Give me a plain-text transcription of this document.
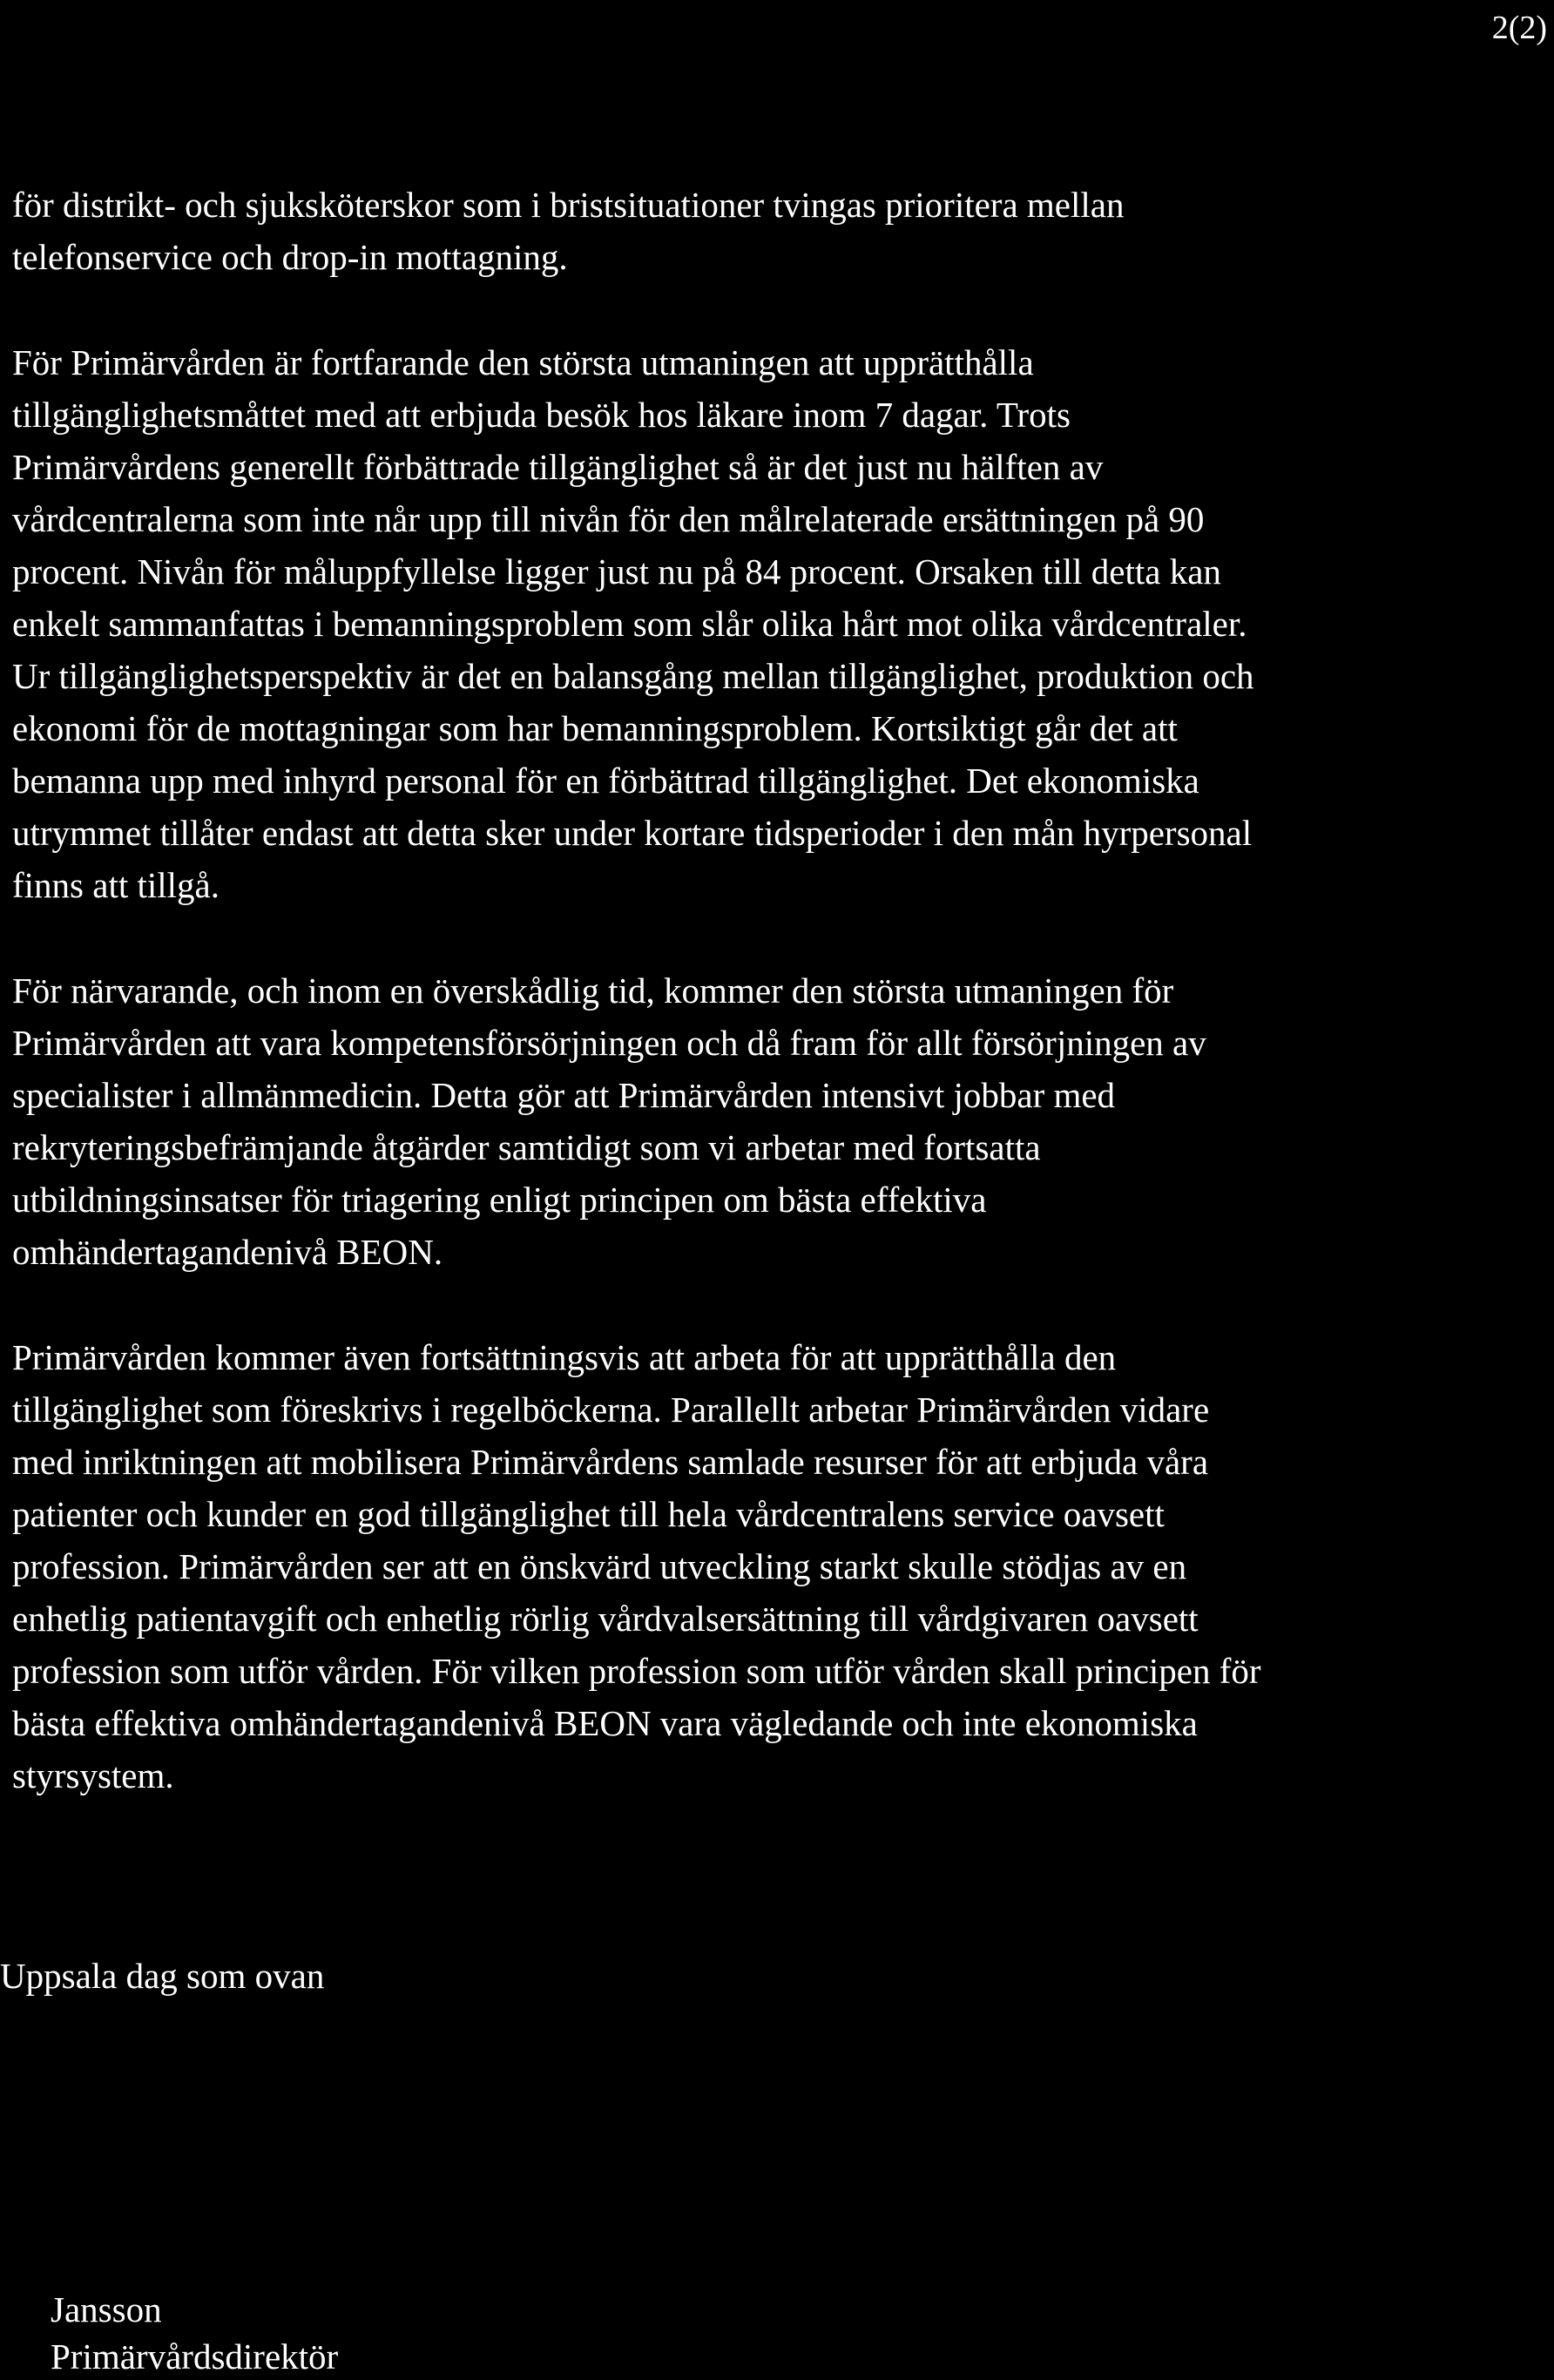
2(2)

för distrikt- och sjuksköterskor som i bristsituationer tvingas prioritera mellan
telefonservice och drop-in mottagning.

För Primärvården är fortfarande den största utmaningen att upprätthålla
tillgänglighetsmåttet med att erbjuda besök hos läkare inom 7 dagar. Trots
Primärvårdens generellt förbättrade tillgänglighet så är det just nu hälften av
vårdcentralerna som inte når upp till nivån för den målrelaterade ersättningen på 90
procent. Nivån för måluppfyllelse ligger just nu på 84 procent. Orsaken till detta kan
enkelt sammanfattas i bemanningsproblem som slår olika hårt mot olika vårdcentraler.
Ur tillgänglighetsperspektiv är det en balansgång mellan tillgänglighet, produktion och
ekonomi för de mottagningar som har bemanningsproblem. Kortsiktigt går det att
bemanna upp med inhyrd personal för en förbättrad tillgänglighet. Det ekonomiska
utrymmet tillåter endast att detta sker under kortare tidsperioder i den mån hyrpersonal
finns att tillgå.

För närvarande, och inom en överskådlig tid, kommer den största utmaningen för
Primärvården att vara kompetensförsörjningen och då fram för allt försörjningen av
specialister i allmänmedicin. Detta gör att Primärvården intensivt jobbar med
rekryteringsbefrämjande åtgärder samtidigt som vi arbetar med fortsatta
utbildningsinsatser för triagering enligt principen om bästa effektiva
omhändertagandenivå BEON.

Primärvården kommer även fortsättningsvis att arbeta för att upprätthålla den
tillgänglighet som föreskrivs i regelböckerna. Parallellt arbetar Primärvården vidare
med inriktningen att mobilisera Primärvårdens samlade resurser för att erbjuda våra
patienter och kunder en god tillgänglighet till hela vårdcentralens service oavsett
profession. Primärvården ser att en önskvärd utveckling starkt skulle stödjas av en
enhetlig patientavgift och enhetlig rörlig vårdvalsersättning till vårdgivaren oavsett
profession som utför vården. För vilken profession som utför vården skall principen för
bästa effektiva omhändertagandenivå BEON vara vägledande och inte ekonomiska
styrsystem.

Uppsala dag som ovan
Jansson
Primärvårdsdirektör
